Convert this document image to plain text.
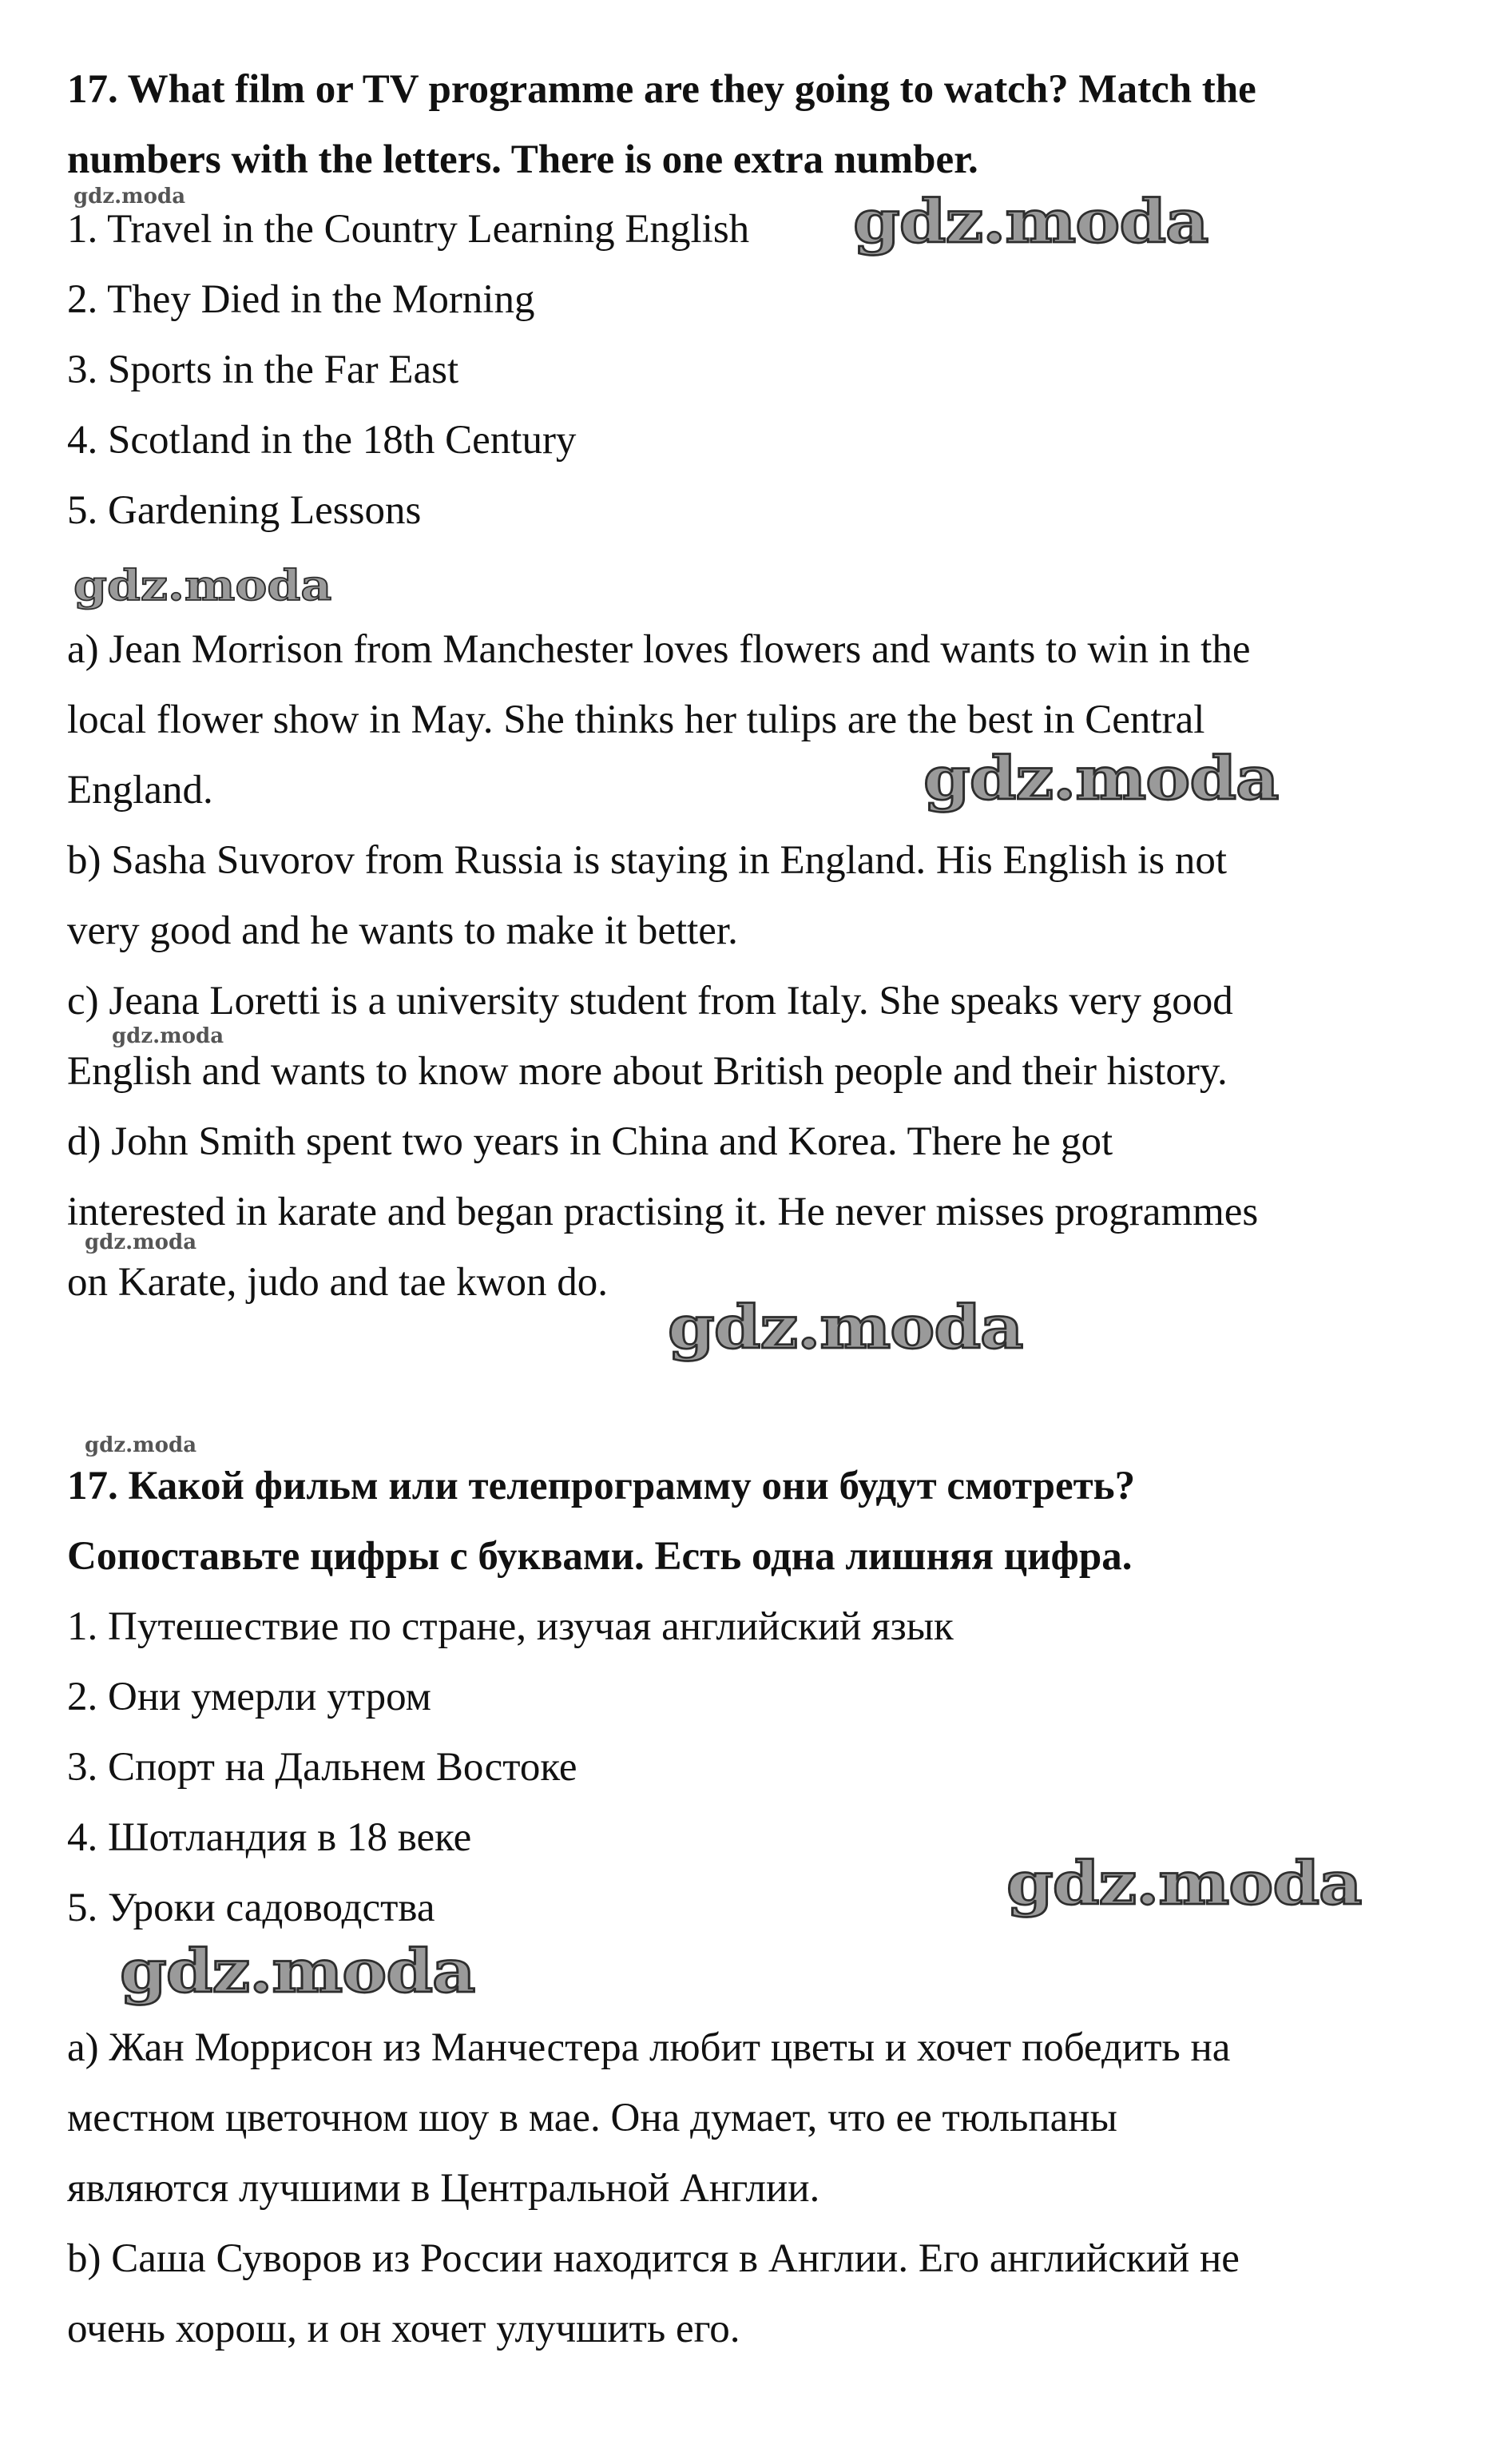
17. What film or TV programme are they going to watch? Match the
numbers with the letters. There is one extra number.
1. Travel in the Country Learning English
2. They Died in the Morning
3. Sports in the Far East
4. Scotland in the 18th Century
5. Gardening Lessons
a) Jean Morrison from Manchester loves flowers and wants to win in the
local flower show in May. She thinks her tulips are the best in Central
England.
b) Sasha Suvorov from Russia is staying in England. His English is not
very good and he wants to make it better.
c) Jeana Loretti is a university student from Italy. She speaks very good
English and wants to know more about British people and their history.
d) John Smith spent two years in China and Korea. There he got
interested in karate and began practising it. He never misses programmes
on Karate, judo and tae kwon do.
17. Какой фильм или телепрограмму они будут смотреть?
Сопоставьте цифры с буквами. Есть одна лишняя цифра.
1. Путешествие по стране, изучая английский язык
2. Они умерли утром
3. Спорт на Дальнем Востоке
4. Шотландия в 18 веке
5. Уроки садоводства
a) Жан Моррисон из Манчестера любит цветы и хочет победить на
местном цветочном шоу в мае. Она думает, что ее тюльпаны
являются лучшими в Центральной Англии.
b) Саша Суворов из России находится в Англии. Его английский не
очень хорош, и он хочет улучшить его.
gdz.moda	gdz.moda
gdz.moda
gdz.moda
gdz.moda
gdz.moda
gdz.moda
gdz.moda
gdz.moda
gdz.moda
